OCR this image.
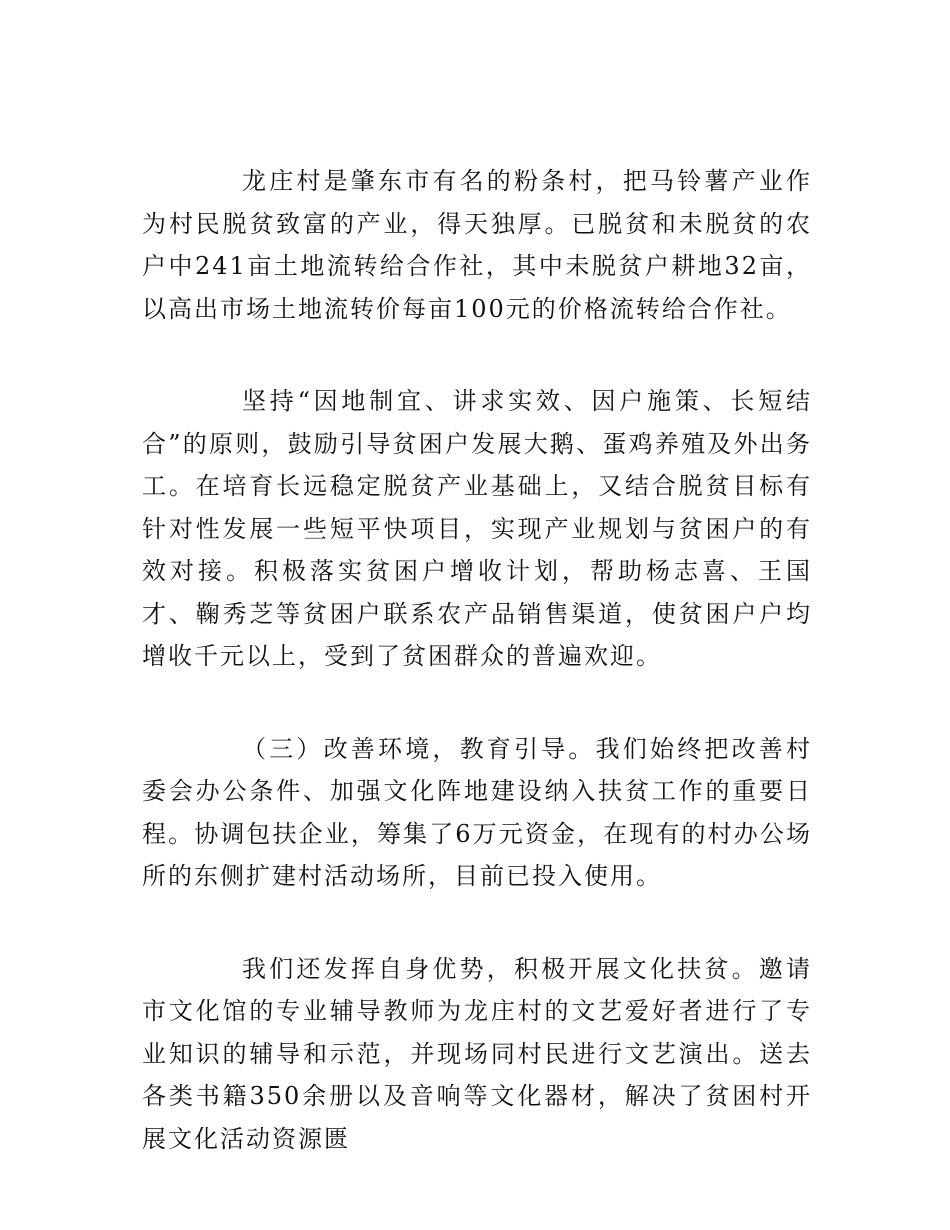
龙庄村是肇东市有名的粉条村，把马铃薯产业作为村民脱贫致富的产业，得天独厚。已脱贫和未脱贫的农户中241亩土地流转给合作社，其中未脱贫户耕地32亩，以高出市场土地流转价每亩100元的价格流转给合作社。

坚持“因地制宜、讲求实效、因户施策、长短结合”的原则，鼓励引导贫困户发展大鹅、蛋鸡养殖及外出务工。在培育长远稳定脱贫产业基础上，又结合脱贫目标有针对性发展一些短平快项目，实现产业规划与贫困户的有效对接。积极落实贫困户增收计划，帮助杨志喜、王国才、鞠秀芝等贫困户联系农产品销售渠道，使贫困户户均增收千元以上，受到了贫困群众的普遍欢迎。

（三）改善环境，教育引导。我们始终把改善村委会办公条件、加强文化阵地建设纳入扶贫工作的重要日程。协调包扶企业，筹集了6万元资金，在现有的村办公场所的东侧扩建村活动场所，目前已投入使用。

我们还发挥自身优势，积极开展文化扶贫。邀请市文化馆的专业辅导教师为龙庄村的文艺爱好者进行了专业知识的辅导和示范，并现场同村民进行文艺演出。送去各类书籍350余册以及音响等文化器材，解决了贫困村开展文化活动资源匮
